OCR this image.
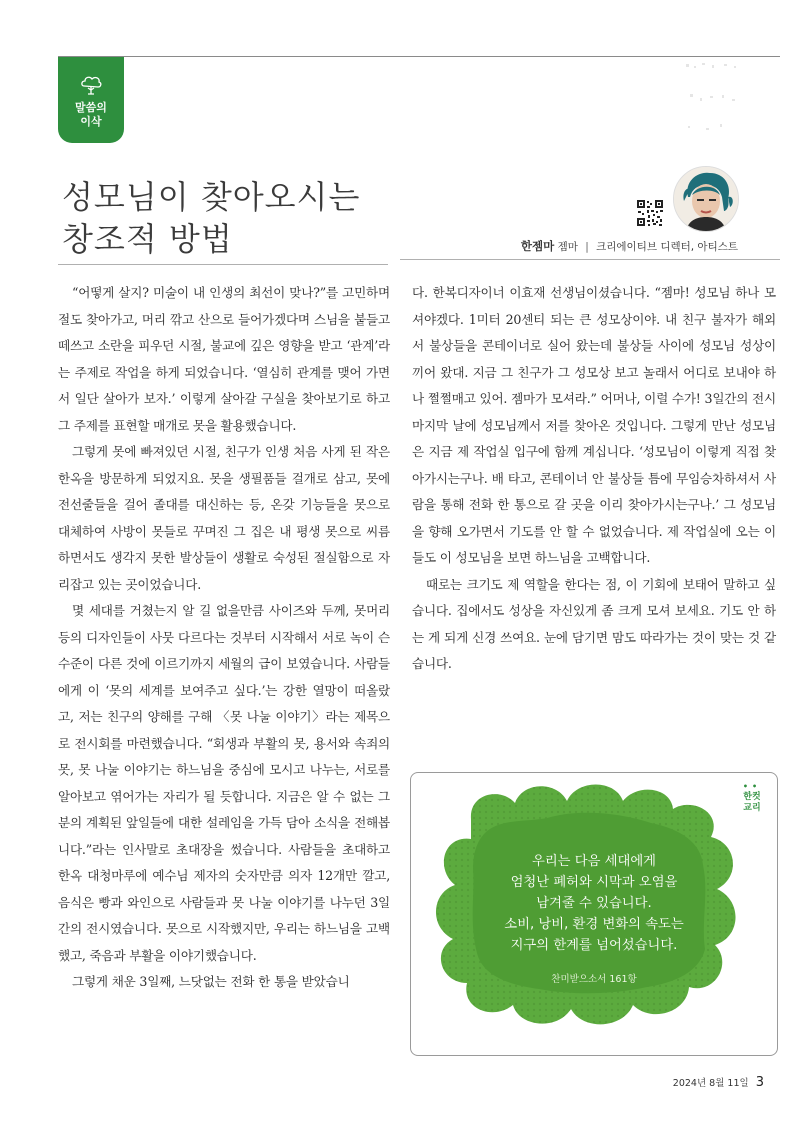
말씀의
이삭
성모님이 찾아오시는
창조적 방법	한젬마 젬마 | 크리에이티브 디렉터, 아티스트

“어떻게 살지? 미술이 내 인생의 최선이 맞나?”를 고민하며 절도 찾아가고, 머리 깎고 산으로 들어가겠다며 스님을 붙들고 떼쓰고 소란을 피우던 시절, 불교에 깊은 영향을 받고 ‘관계’라는 주제로 작업을 하게 되었습니다. ‘열심히 관계를 맺어 가면서 일단 살아가 보자.’ 이렇게 살아갈 구실을 찾아보기로 하고 그 주제를 표현할 매개로 못을 활용했습니다.

그렇게 못에 빠져있던 시절, 친구가 인생 처음 사게 된 작은 한옥을 방문하게 되었지요. 못을 생필품들 걸개로 삼고, 못에 전선줄들을 걸어 졸대를 대신하는 등, 온갖 기능들을 못으로 대체하여 사방이 못들로 꾸며진 그 집은 내 평생 못으로 씨름하면서도 생각지 못한 발상들이 생활로 숙성된 절실함으로 자리잡고 있는 곳이었습니다.

몇 세대를 거쳤는지 알 길 없을만큼 사이즈와 두께, 못머리 등의 디자인들이 사뭇 다르다는 것부터 시작해서 서로 녹이 슨 수준이 다른 것에 이르기까지 세월의 급이 보였습니다. 사람들에게 이 ‘못의 세계를 보여주고 싶다.’는 강한 열망이 떠올랐고, 저는 친구의 양해를 구해 〈못 나눌 이야기〉라는 제목으로 전시회를 마련했습니다. “회생과 부활의 못, 용서와 속죄의 못, 못 나눌 이야기는 하느님을 중심에 모시고 나누는, 서로를 알아보고 엮어가는 자리가 될 듯합니다. 지금은 알 수 없는 그분의 계획된 앞일들에 대한 설레임을 가득 담아 소식을 전해봅니다.”라는 인사말로 초대장을 썼습니다. 사람들을 초대하고 한옥 대청마루에 예수님 제자의 숫자만큼 의자 12개만 깔고, 음식은 빵과 와인으로 사람들과 못 나눌 이야기를 나누던 3일간의 전시였습니다. 못으로 시작했지만, 우리는 하느님을 고백했고, 죽음과 부활을 이야기했습니다.

그렇게 채운 3일째, 느닷없는 전화 한 통을 받았습니

다. 한복디자이너 이효재 선생님이셨습니다. “젬마! 성모님 하나 모셔야겠다. 1미터 20센티 되는 큰 성모상이야. 내 친구 불자가 해외서 불상들을 콘테이너로 실어 왔는데 불상들 사이에 성모님 성상이 끼어 왔대. 지금 그 친구가 그 성모상 보고 놀래서 어디로 보내야 하나 쩔쩔매고 있어. 젬마가 모셔라.” 어머나, 이럴 수가! 3일간의 전시 마지막 날에 성모님께서 저를 찾아온 것입니다. 그렇게 만난 성모님은 지금 제 작업실 입구에 함께 계십니다. ‘성모님이 이렇게 직접 찾아가시는구나. 배 타고, 콘테이너 안 불상들 틈에 무임승차하셔서 사람을 통해 전화 한 통으로 갈 곳을 이리 찾아가시는구나.’ 그 성모님을 향해 오가면서 기도를 안 할 수 없었습니다. 제 작업실에 오는 이들도 이 성모님을 보면 하느님을 고백합니다.

때로는 크기도 제 역할을 한다는 점, 이 기회에 보태어 말하고 싶습니다. 집에서도 성상을 자신있게 좀 크게 모셔 보세요. 기도 안 하는 게 되게 신경 쓰여요. 눈에 담기면 맘도 따라가는 것이 맞는 것 같습니다.

••
한컷
교리
우리는 다음 세대에게
엄청난 폐허와 시막과 오염을
남겨줄 수 있습니다.
소비, 낭비, 환경 변화의 속도는
지구의 한계를 넘어섰습니다.
찬미받으소서 161항
2024년 8월 11일 3
